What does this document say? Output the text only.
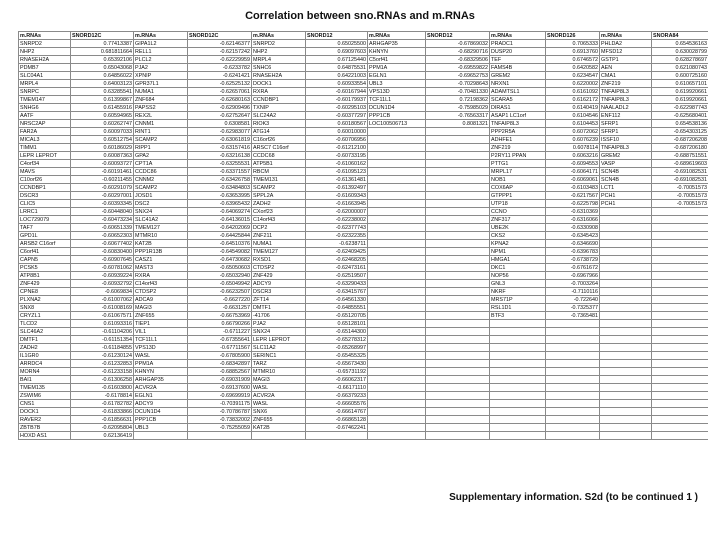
Correlation between sno.RNAs and m.RNAs
m.RNAs	SNORD12C	m.RNAs	SNORD12C	m.RNAs	SNORD12	m.RNAs	SNORD12	m.RNAs	SNORD126	m.RNAs	SNORA84
SNRPD2	0.77413387	GIPA1L2	-0.62146377	SNRPD2	0.65025500	ARHGAP35	-0.67869032	PRADC1	0.7065333	PHLDA2	0.654536163
NHP2	0.681811664	RELL1	-0.62157242	NHP2	0.69097603	KHNYN	-0.68290716	DUSP20	0.6913760	MFSD12	0.630028799
RNASEH2A	0.65392106	PLCL2	-0.62229959	MRPL4	0.67125440	C5orf41	-0.68329506	TEF	0.6746572	GSTP1	0.628278697
PDMB7	0.65043068	PJA2	-0.6233782	SNHC6	0.64875531	PPM1A	-0.69559822	FAMS4B	0.6420582	AEN	0.621080743
SLC04A1	0.64856022	XPNIP	-0.6241421	RNASEH2A	0.64221003	EGLN1	-0.69652753	GREM2	0.6234547	CMA1	0.600725160
MRPL4	0.64003123	GPR37L1	-0.62525132	DOCK1	0.60933554	UBL3	-0.70298643	NRXN1	0.6220002	ZNF219	0.610657101
SNRPC	0.63285541	NUMA1	-0.62657061	RXRA	-0.60167944	VPS13D	-0.70481330	ADAMTSL1	0.6161092	TNFAIP8L3	0.619920661
TMEM147	0.61399867	ZNF684	-0.62680163	CCNDBP1	-0.60179937	TCF11L1	0.72198362	SCARA5	0.6162172	TNFAIP8L3	0.619920661
SNHG6	0.61455916	PAPSS2	-0.62909496	TXNIP	-0.60295103	DCUN1D4	-0.75985029	DIRAS1	0.6140419	NAALADL2	-0.622987743
AATF	0.60594965	REX2L	-0.62752647	SLC24A2	-0.60377297	PPP1CB	-0.76563317	ASAP1 LC1orf	0.6104546	ENF112	-0.625680401
NRSC2AP	0.60262747	CNNM1	0.6308581	RIOK3	0.60180567	LOC100506713	0.8081321	TNFAIP8L3	0.6104453	SFRP1	0.654538136
FAR2A	0.60097033	RINT1	-0.62983077	ATG14	0.60010000			PPP2R5A	0.6072062	SFRP1	-0.654303125
MICAL3	0.60512754	SCAMP2	-0.63061819	C16orf26	-0.60706956			ADHFE1	0.6076239	ISSF10	-0.687206208
TIMM1	0.60186029	RIPP1	-0.63157416	ARSC7 C16orf	-0.61212100			ZNF219	0.6078114	TNFAIP8L3	-0.687206180
LEPR LEPROT	0.60087363	GPA2	-0.63216138	CCDC68	-0.60733195			P2RY11 PPAN	0.6063216	GREM2	-0.688751551
C4orf34	-0.60093727	CPT1A	-0.63255531	ATP5B1	-0.61060162			PTTG1	-0.6094553	VASP	-0.689619603
MAVS	-0.60191461	CCDC86	-0.63371557	RBCM	-0.61095123			MRPL17	-0.6064171	SCN4B	-0.691082531
C10orf26	-0.60211455	CNNM2	-0.63426758	TMEM131	-0.61361481			NOB1	-0.6069061	SCN4B	-0.691082531
CCNDBP1	-0.60291079	SCAMP2	-0.63484803	SCAMP2	-0.61392497			COX6AP	-0.6103483	LCT1	-0.70051573
DSCR3	-0.60297001	JOSD1	-0.63653995	SPPL2A	-0.61609343			GTPPP1	-0.6217567	PCH1	-0.70051573
CLIC5	-0.60393345	DSC2	-0.63965432	ZADH2	-0.61663945			UTP18	-0.6225798	PCH1	-0.70051573
LRRC1	-0.60448040	SNX24	-0.64069274	CXorf23	-0.62000007			CCNO	-0.6310369		
LOC729079	-0.60473234	SLC41A2	-0.64136015	C14orf43	-0.62238002			ZNF317	-0.6316066		
TAF7	-0.60651339	TMEM127	-0.64202069	DCP2	-0.62377743			UBE2K	-0.6330908		
GPD1L	-0.60652303	MTMR10	-0.64425844	ZNF211	-0.62322355			CKS2	-0.6345423		
ARSB2 C16orf	-0.60677402	KAT2B	-0.64510376	NUMA1	-0.6238711			KPNA2	-0.6346690		
C6orf41	-0.60830400	PPP1R13B	-0.64549082	TMEM127	-0.62409425			NPM1	-0.6396783		
CAPN5	-0.60907645	CASZ1	-0.64730682	RXSD1	-0.62468205			HMGA1	-0.6738729		
PCSK5	-0.60781062	MAST3	-0.65050603	CTDSP2	-0.62473161			DKC1	-0.6761672		
ATP8B1	-0.60939224	RXRA	-0.65032940	ZNF429	-0.62519507			NOP56	-0.6967966		
ZNF429	-0.60932792	C14orf43	-0.65049942	ADCY9	-0.63290433			GNL3	-0.7003264		
CPNE8	-0.6069834	CTDSP2	-0.66232507	DSCR3	-0.63415767			NKRF	-0.7110116		
PLXNA2	-0.61007062	ADCA9	-0.6627220	ZFT14	-0.64561330			MRS71P	-0.722640		
SNX8	-0.61008169	MAGI3	-0.6631257	DMTF1	-0.64855551			RSL1D1	-0.7325377		
CRYZL1	-0.61067571	ZNF655	-0.66753969	-41706	-0.65120705			BTF3	-0.7365481		
TLCD2	0.61093316	TIEP1	0.66790266	PJA2	0.65128101						
SLC46A2	-0.61104206	VIL1	-0.6711227	SNX24	-0.65144300						
DMTF1	-0.61151354	TCF11L1	-0.67355641	LEPR LEPROT	-0.65278312						
ZADH2	-0.61184855	VPS13D	-0.67711567	SLC11A2	-0.65268997						
IL1GR0	-0.61230124	WASL	-0.67805900	SERINC1	-0.65455325						
ARRDC4	-0.61232853	PPM1A	-0.68342897	TARZ	-0.65673430						
MORN4	-0.61233158	KHNYN	-0.68852567	MTMR10	-0.65731192						
BAI1	-0.61306258	ARHGAP35	-0.69031909	MAGI3	-0.66062317						
TMEM135	-0.61603800	ACVR2A	-0.69137600	WASL	-0.66171110						
ZSWIM6	-0.6178814	EGLN1	-0.69699919	ACVR2A	-0.66379233						
CNS1	-0.61782782	ADCY9	-0.70391175	WASL	-0.66605576						
DOCK1	-0.61833866	DCUN1D4	-0.70786787	SNX6	-0.66614767						
RAVER2	-0.61856631	PPP1CB	-0.73832002	ZNF655	-0.66865128						
ZBTB7B	-0.62095804	UBL3	-0.75255059	KAT2B	-0.67462241						
HOXD AS1	0.62136419										
Supplementary information. S2d (to be continued 1 )
